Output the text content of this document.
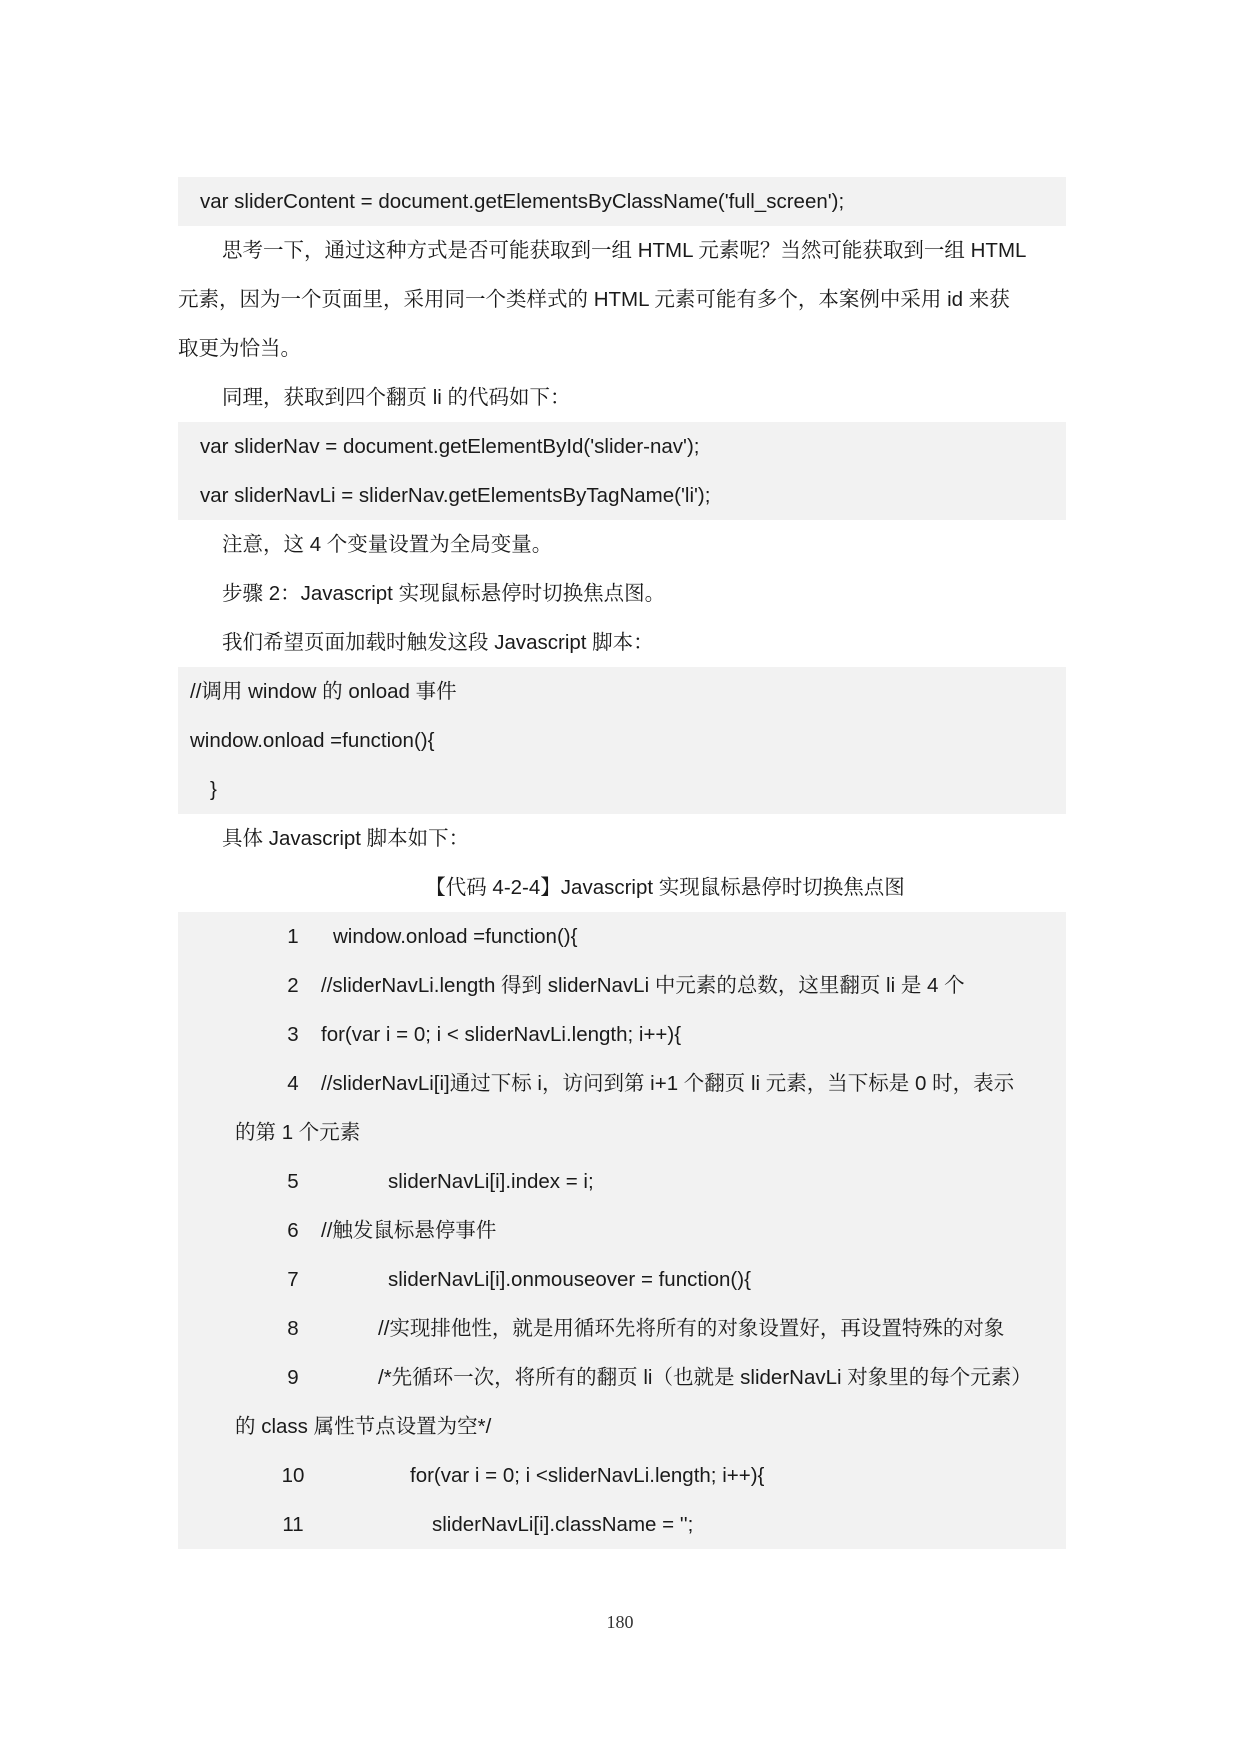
var sliderContent = document.getElementsByClassName('full_screen');
思考一下，通过这种方式是否可能获取到一组 HTML 元素呢？当然可能获取到一组 HTML
元素，因为一个页面里，采用同一个类样式的 HTML 元素可能有多个，本案例中采用 id 来获
取更为恰当。
同理，获取到四个翻页 li 的代码如下：
var sliderNav = document.getElementById('slider-nav');
var sliderNavLi = sliderNav.getElementsByTagName('li');
注意，这 4 个变量设置为全局变量。
步骤 2：Javascript 实现鼠标悬停时切换焦点图。
我们希望页面加载时触发这段 Javascript 脚本：
//调用 window 的 onload 事件
window.onload =function(){
}
具体 Javascript 脚本如下：
【代码 4-2-4】Javascript 实现鼠标悬停时切换焦点图
1	window.onload =function(){
2	//sliderNavLi.length 得到 sliderNavLi 中元素的总数，这里翻页 li 是 4 个
3	for(var i = 0; i < sliderNavLi.length; i++){
4	//sliderNavLi[i]通过下标 i，访问到第 i+1 个翻页 li 元素，当下标是 0 时，表示
的第 1 个元素
5	sliderNavLi[i].index = i;
6	//触发鼠标悬停事件
7	sliderNavLi[i].onmouseover = function(){
8	//实现排他性，就是用循环先将所有的对象设置好，再设置特殊的对象
9	/*先循环一次，将所有的翻页 li（也就是 sliderNavLi 对象里的每个元素）
的 class 属性节点设置为空*/
10	for(var i = 0; i <sliderNavLi.length; i++){
11	sliderNavLi[i].className = '';
180
